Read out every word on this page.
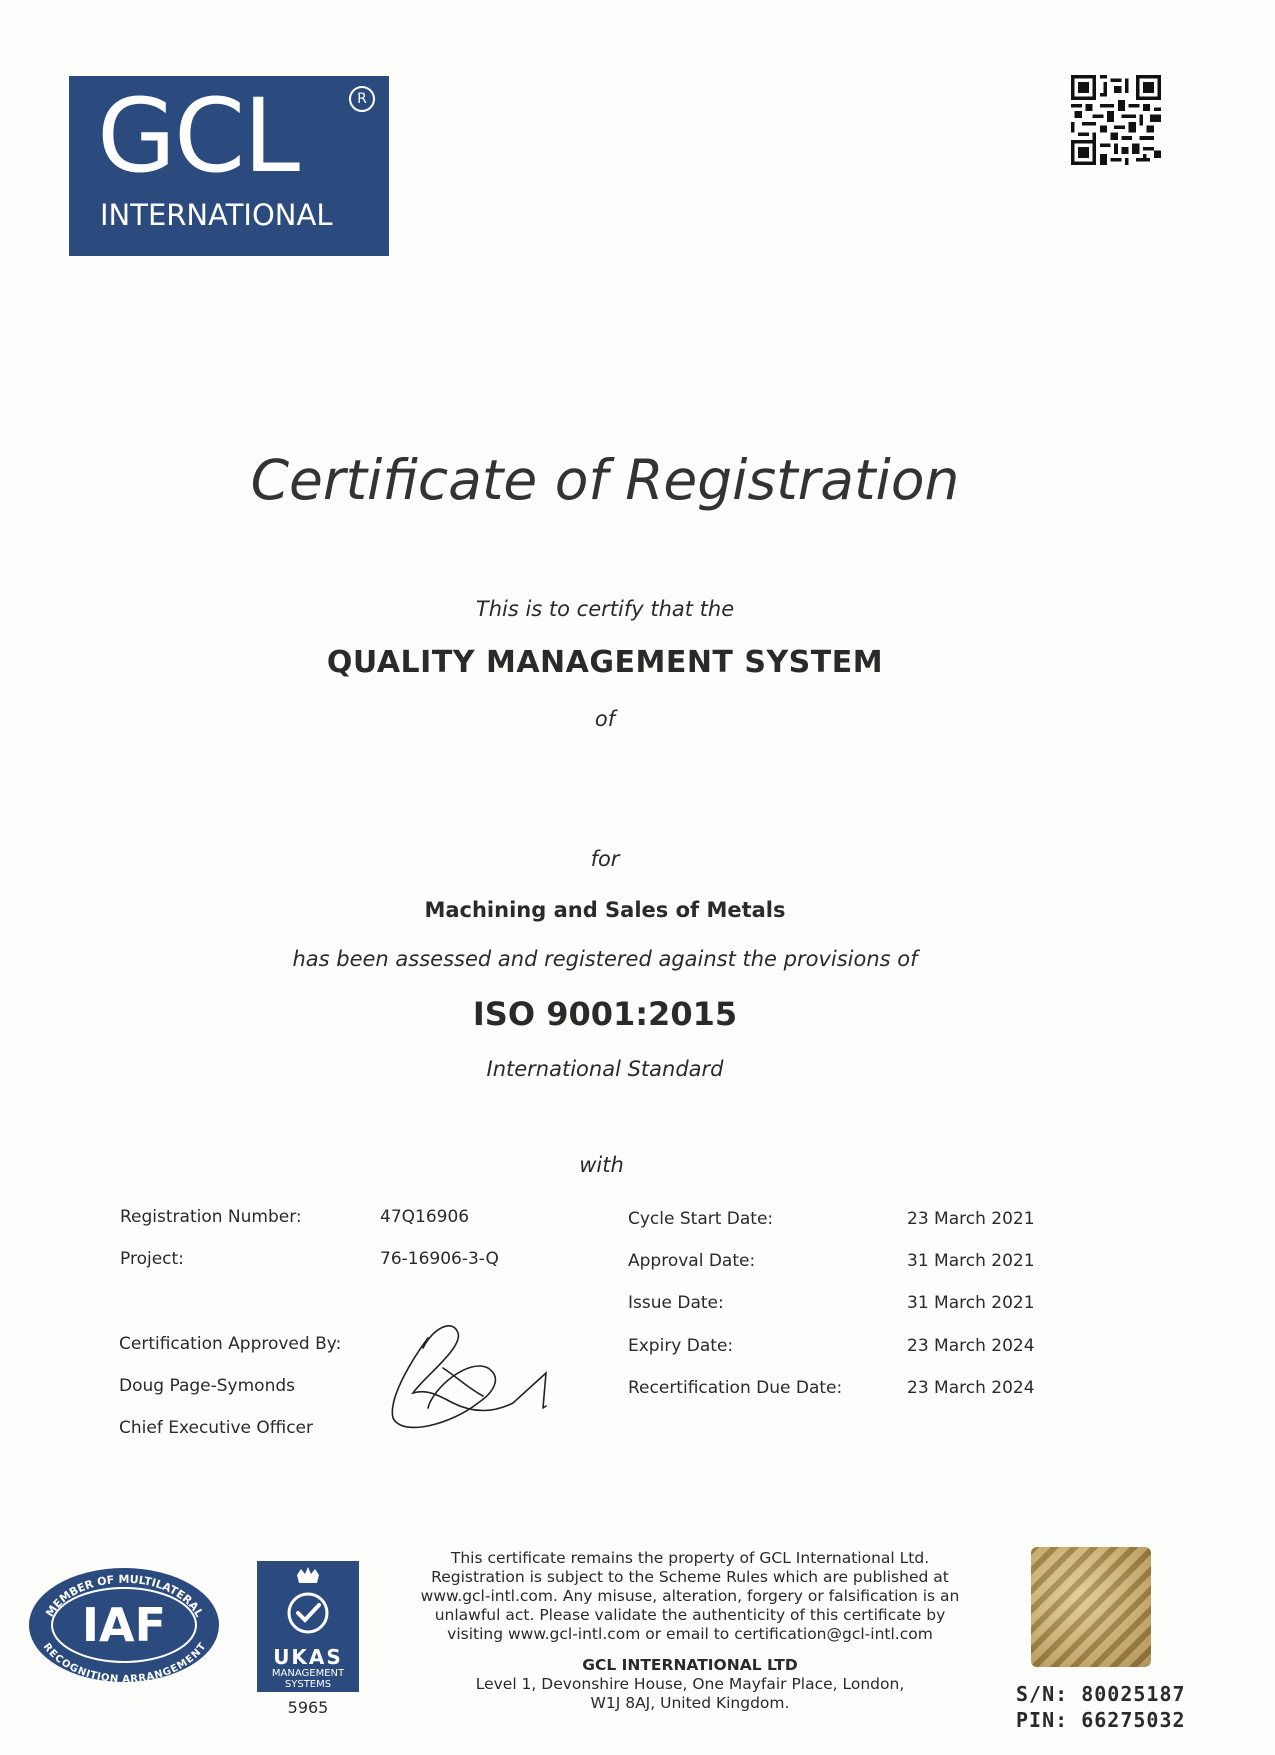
GCL	R
INTERNATIONAL
Certificate of Registration
This is to certify that the
QUALITY MANAGEMENT SYSTEM
of
for
Machining and Sales of Metals
has been assessed and registered against the provisions of
ISO 9001:2015
International Standard
with
Registration Number:	47Q16906
Project:	76-16906-3-Q
Certification Approved By:
Doug Page-Symonds
Chief Executive Officer
Cycle Start Date:	23 March 2021
Approval Date:	31 March 2021
Issue Date:	31 March 2021
Expiry Date:	23 March 2024
Recertification Due Date:	23 March 2024
MEMBER OF MULTILATERAL
RECOGNITION ARRANGEMENT
IAF
UKAS
MANAGEMENT
SYSTEMS
5965
This certificate remains the property of GCL International Ltd.
Registration is subject to the Scheme Rules which are published at
www.gcl-intl.com. Any misuse, alteration, forgery or falsification is an
unlawful act. Please validate the authenticity of this certificate by
visiting www.gcl-intl.com or email to certification@gcl-intl.com
GCL INTERNATIONAL LTD
Level 1, Devonshire House, One Mayfair Place, London,
W1J 8AJ, United Kingdom.	S/N: 80025187
PIN: 66275032
